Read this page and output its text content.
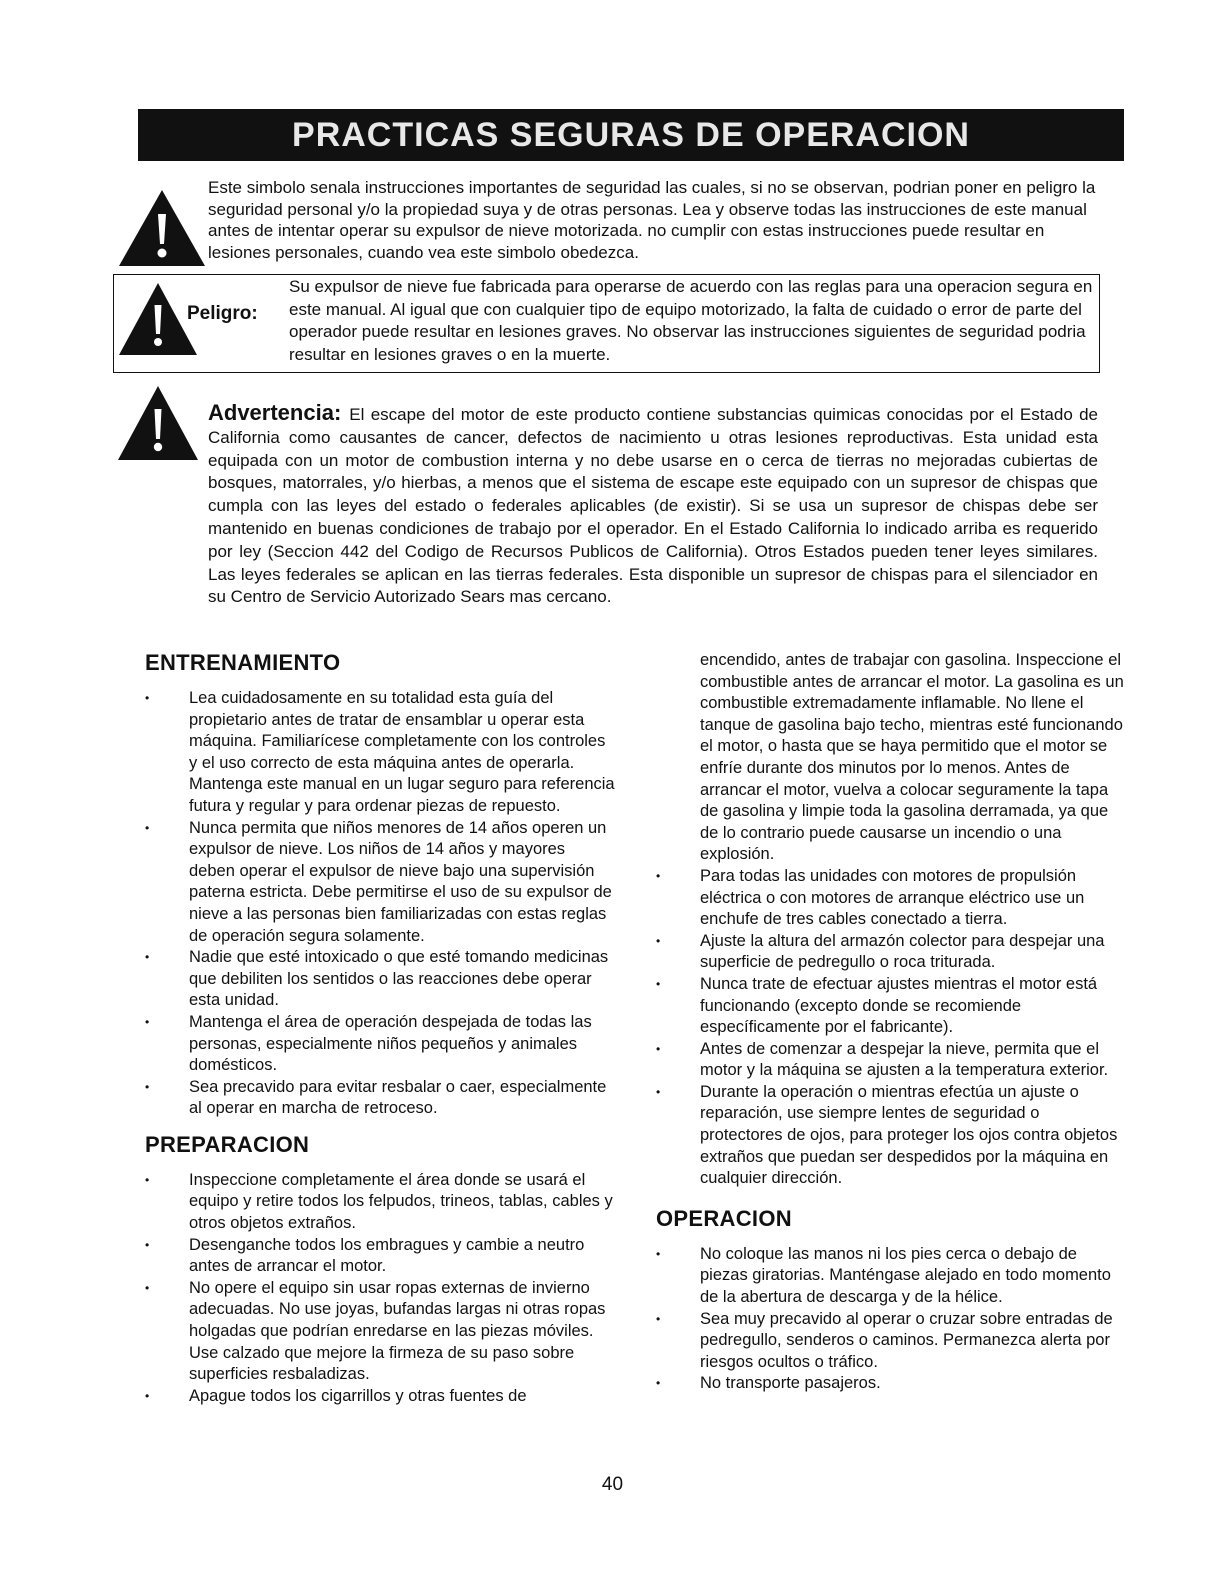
PRACTICAS SEGURAS DE OPERACION

Este simbolo senala instrucciones importantes de seguridad las cuales, si no se observan, podrian poner en peligro la seguridad personal y/o la propiedad suya y de otras personas. Lea y observe todas las instrucciones de este manual antes de intentar operar su expulsor de nieve motorizada. no cumplir con estas instrucciones puede resultar en lesiones personales, cuando vea este simbolo obedezca.

Peligro:

Su expulsor de nieve fue fabricada para operarse de acuerdo con las reglas para una operacion segura en este manual. Al igual que con cualquier tipo de equipo motorizado, la falta de cuidado o error de parte del operador puede resultar en lesiones graves. No observar las instrucciones siguientes de seguridad podria resultar en lesiones graves o en la muerte.

Advertencia: El escape del motor de este producto contiene substancias quimicas conocidas por el Estado de California como causantes de cancer, defectos de nacimiento u otras lesiones reproductivas. Esta unidad esta equipada con un motor de combustion interna y no debe usarse en o cerca de tierras no mejoradas cubiertas de bosques, matorrales, y/o hierbas, a menos que el sistema de escape este equipado con un supresor de chispas que cumpla con las leyes del estado o federales aplicables (de existir). Si se usa un supresor de chispas debe ser mantenido en buenas condiciones de trabajo por el operador. En el Estado California lo indicado arriba es requerido por ley (Seccion 442 del Codigo de Recursos Publicos de California). Otros Estados pueden tener leyes similares. Las leyes federales se aplican en las tierras federales. Esta disponible un supresor de chispas para el silenciador en su Centro de Servicio Autorizado Sears mas cercano.

ENTRENAMIENTO
• Lea cuidadosamente en su totalidad esta guía del propietario antes de tratar de ensamblar u operar esta máquina. Familiarícese completamente con los controles y el uso correcto de esta máquina antes de operarla. Mantenga este manual en un lugar seguro para referencia futura y regular y para ordenar piezas de repuesto.
• Nunca permita que niños menores de 14 años operen un expulsor de nieve. Los niños de 14 años y mayores deben operar el expulsor de nieve bajo una supervisión paterna estricta. Debe permitirse el uso de su expulsor de nieve a las personas bien familiarizadas con estas reglas de operación segura solamente.
• Nadie que esté intoxicado o que esté tomando medicinas que debiliten los sentidos o las reacciones debe operar esta unidad.
• Mantenga el área de operación despejada de todas las personas, especialmente niños pequeños y animales domésticos.
• Sea precavido para evitar resbalar o caer, especialmente al operar en marcha de retroceso.
PREPARACION
• Inspeccione completamente el área donde se usará el equipo y retire todos los felpudos, trineos, tablas, cables y otros objetos extraños.
• Desenganche todos los embragues y cambie a neutro antes de arrancar el motor.
• No opere el equipo sin usar ropas externas de invierno adecuadas. No use joyas, bufandas largas ni otras ropas holgadas que podrían enredarse en las piezas móviles. Use calzado que mejore la firmeza de su paso sobre superficies resbaladizas.
• Apague todos los cigarrillos y otras fuentes de

encendido, antes de trabajar con gasolina. Inspeccione el combustible antes de arrancar el motor. La gasolina es un combustible extremadamente inflamable. No llene el tanque de gasolina bajo techo, mientras esté funcionando el motor, o hasta que se haya permitido que el motor se enfríe durante dos minutos por lo menos. Antes de arrancar el motor, vuelva a colocar seguramente la tapa de gasolina y limpie toda la gasolina derramada, ya que de lo contrario puede causarse un incendio o una explosión.

• Para todas las unidades con motores de propulsión eléctrica o con motores de arranque eléctrico use un enchufe de tres cables conectado a tierra.
• Ajuste la altura del armazón colector para despejar una superficie de pedregullo o roca triturada.
• Nunca trate de efectuar ajustes mientras el motor está funcionando (excepto donde se recomiende específicamente por el fabricante).
• Antes de comenzar a despejar la nieve, permita que el motor y la máquina se ajusten a la temperatura exterior.
• Durante la operación o mientras efectúa un ajuste o reparación, use siempre lentes de seguridad o protectores de ojos, para proteger los ojos contra objetos extraños que puedan ser despedidos por la máquina en cualquier dirección.
OPERACION
• No coloque las manos ni los pies cerca o debajo de piezas giratorias. Manténgase alejado en todo momento de la abertura de descarga y de la hélice.
• Sea muy precavido al operar o cruzar sobre entradas de pedregullo, senderos o caminos. Permanezca alerta por riesgos ocultos o tráfico.
• No transporte pasajeros.
40
